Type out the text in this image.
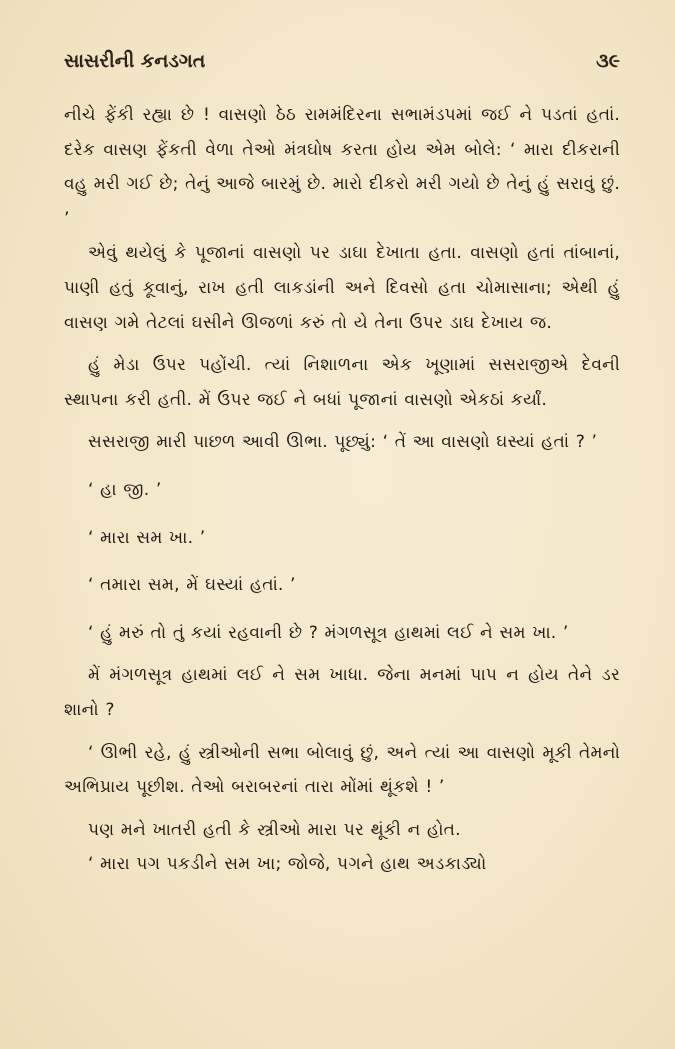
સાસરીની કનડગત	૩૯

નીચે ફેંકી રહ્યા છે ! વાસણો ઠેઠ રામમંદિરના સભામંડપમાં જઈ ને પડતાં હતાં. દરેક વાસણ ફેંકતી વેળા તેઓ મંત્રઘોષ કરતા હોય એમ બોલે: ‘ મારા દીકરાની વહુ મરી ગઈ છે; તેનું આજે બારમું છે. મારો દીકરો મરી ગયો છે તેનું હું સરાવું છું. ’

એવું થયેલું કે પૂજાનાં વાસણો પર ડાઘા દેખાતા હતા. વાસણો હતાં તાંબાનાં, પાણી હતું કૂવાનું, રાખ હતી લાકડાંની અને દિવસો હતા ચોમાસાના; એથી હું વાસણ ગમે તેટલાં ઘસીને ઊજળાં કરું તો યે તેના ઉપર ડાઘ દેખાય જ.

હું મેડા ઉપર પહોંચી. ત્યાં નિશાળના એક ખૂણામાં સસરાજીએ દેવની સ્થાપના કરી હતી. મેં ઉપર જઈ ને બધાં પૂજાનાં વાસણો એકઠાં કર્યાં.

સસરાજી મારી પાછળ આવી ઊભા. પૂછ્યું: ‘ તેં આ વાસણો ઘસ્યાં હતાં ? ’

‘ હા જી. ’

‘ મારા સમ ખા. ’

‘ તમારા સમ, મેં ઘસ્યાં હતાં. ’

‘ હું મરું તો તું કયાં રહવાની છે ? મંગળસૂત્ર હાથમાં લઈ ને સમ ખા. ’

મેં મંગળસૂત્ર હાથમાં લઈ ને સમ ખાધા. જેના મનમાં પાપ ન હોય તેને ડર શાનો ?

‘ ઊભી રહે, હું સ્ત્રીઓની સભા બોલાવું છું, અને ત્યાં આ વાસણો મૂકી તેમનો અભિપ્રાય પૂછીશ. તેઓ બરાબરનાં તારા મોંમાં થૂંકશે ! ’

પણ મને ખાતરી હતી કે સ્ત્રીઓ મારા પર થૂંકી ન હોત.

‘ મારા પગ પકડીને સમ ખા; જોજે, પગને હાથ અડકાડ્યો
